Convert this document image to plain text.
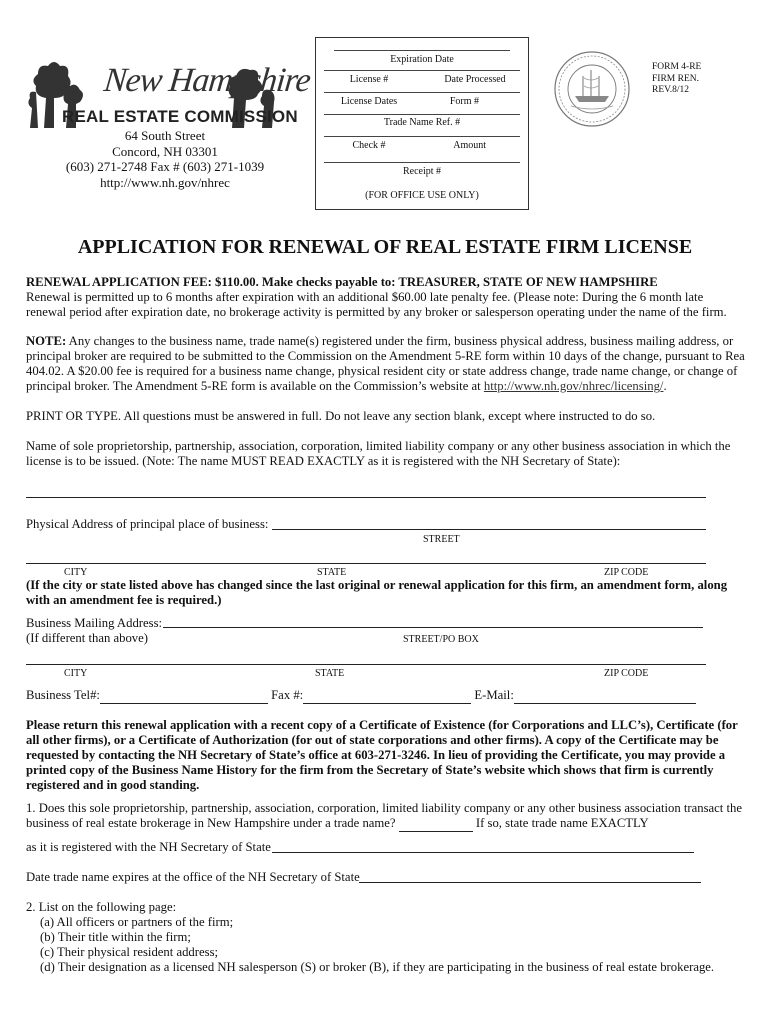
New Hampshire
REAL ESTATE COMMISSION
64 South Street
Concord, NH 03301
(603) 271-2748 Fax # (603) 271-1039
http://www.nh.gov/nhrec
Expiration Date
License #	Date Processed
License Dates	Form #
Trade Name Ref. #
Check #	Amount
Receipt #
(FOR OFFICE USE ONLY)
FORM 4-RE
FIRM REN.
REV.8/12
APPLICATION FOR RENEWAL OF REAL ESTATE FIRM LICENSE
RENEWAL APPLICATION FEE: $110.00. Make checks payable to: TREASURER, STATE OF NEW HAMPSHIRE
Renewal is permitted up to 6 months after expiration with an additional $60.00 late penalty fee. (Please note: During the 6 month late renewal period after expiration date, no brokerage activity is permitted by any broker or salesperson operating under the name of the firm.
NOTE: Any changes to the business name, trade name(s) registered under the firm, business physical address, business mailing address, or principal broker are required to be submitted to the Commission on the Amendment 5-RE form within 10 days of the change, pursuant to Rea 404.02. A $20.00 fee is required for a business name change, physical resident city or state address change, trade name change, or change of principal broker. The Amendment 5-RE form is available on the Commission’s website at http://www.nh.gov/nhrec/licensing/.
PRINT OR TYPE. All questions must be answered in full. Do not leave any section blank, except where instructed to do so.
Name of sole proprietorship, partnership, association, corporation, limited liability company or any other business association in which the license is to be issued. (Note: The name MUST READ EXACTLY as it is registered with the NH Secretary of State):
Physical Address of principal place of business:
STREET
CITY	STATE	ZIP CODE
(If the city or state listed above has changed since the last original or renewal application for this firm, an amendment form, along with an amendment fee is required.)
Business Mailing Address:
(If different than above)	STREET/PO BOX
CITY	STATE	ZIP CODE
Business Tel#:	Fax #:	E-Mail:
Please return this renewal application with a recent copy of a Certificate of Existence (for Corporations and LLC’s), Certificate (for all other firms), or a Certificate of Authorization (for out of state corporations and other firms). A copy of the Certificate may be requested by contacting the NH Secretary of State’s office at 603-271-3246. In lieu of providing the Certificate, you may provide a printed copy of the Business Name History for the firm from the Secretary of State’s website which shows that firm is currently registered and in good standing.
1. Does this sole proprietorship, partnership, association, corporation, limited liability company or any other business association transact the business of real estate brokerage in New Hampshire under a trade name?	If so, state trade name EXACTLY
as it is registered with the NH Secretary of State
Date trade name expires at the office of the NH Secretary of State
2. List on the following page:
(a) All officers or partners of the firm;
(b) Their title within the firm;
(c) Their physical resident address;
(d) Their designation as a licensed NH salesperson (S) or broker (B), if they are participating in the business of real estate brokerage.
